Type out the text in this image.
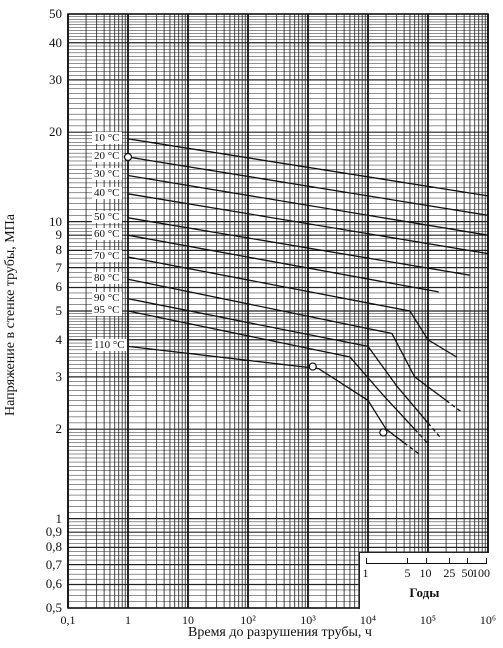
Напряжение в стенке трубы, МПа
50
40
30
20
10
9
8
7
6
5
4
3
2
1
0,9
0,8
0,7
0,6
0,5
0,1	1	10	10²	10³	10⁴	10⁵	10⁶
Время до разрушения трубы, ч
10 °C
20 °C
30 °C
40 °C
50 °C
60 °C
70 °C
80 °C
90 °C
95 °C
110 °C
Годы
1	5 10 25 50
100
